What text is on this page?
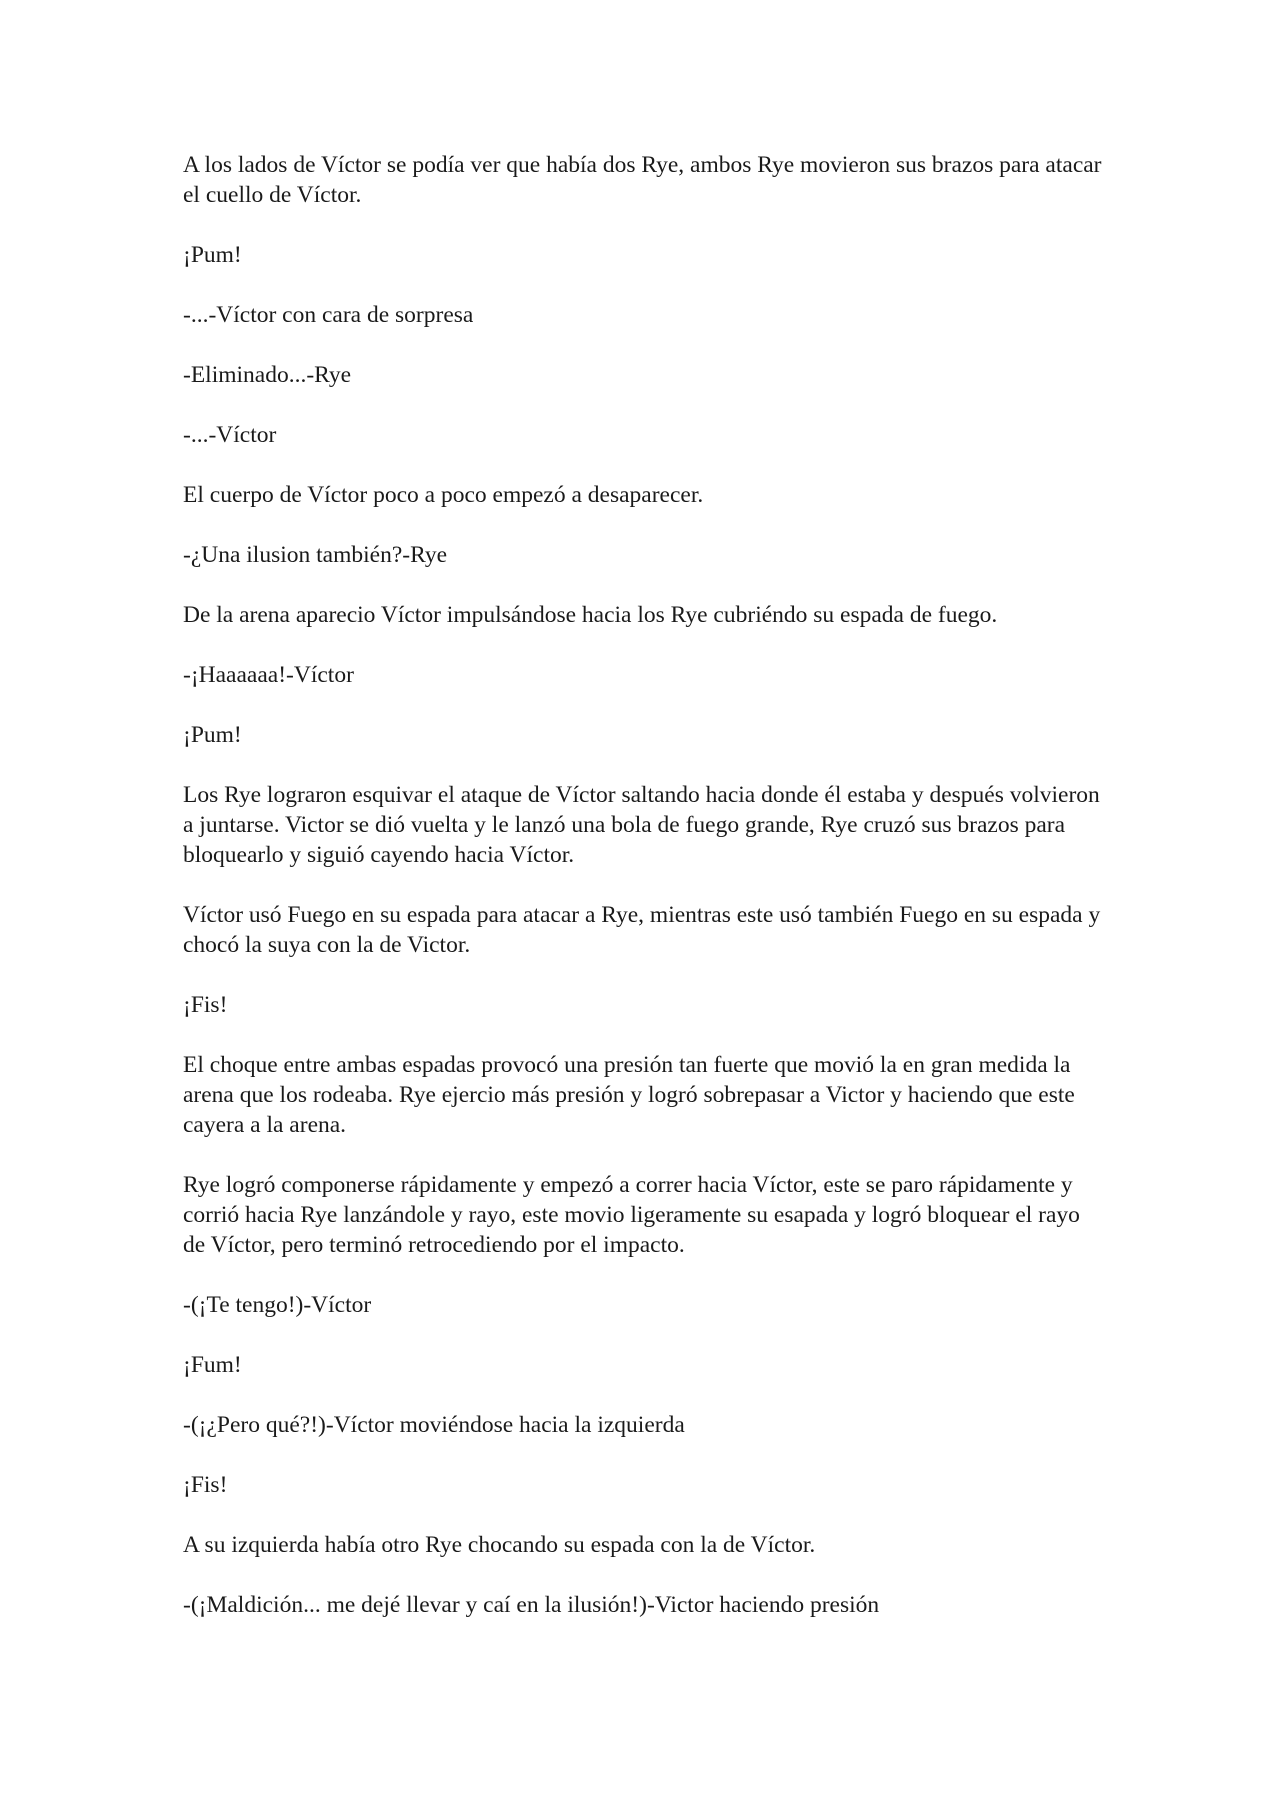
A los lados de Víctor se podía ver que había dos Rye, ambos Rye movieron sus brazos para atacar el cuello de Víctor.

¡Pum!

-...-Víctor con cara de sorpresa

-Eliminado...-Rye

-...-Víctor

El cuerpo de Víctor poco a poco empezó a desaparecer.

-¿Una ilusion también?-Rye

De la arena aparecio Víctor impulsándose hacia los Rye cubriéndo su espada de fuego.

-¡Haaaaaa!-Víctor

¡Pum!

Los Rye lograron esquivar el ataque de Víctor saltando hacia donde él estaba y después volvieron a juntarse. Victor se dió vuelta y le lanzó una bola de fuego grande, Rye cruzó sus brazos para bloquearlo y siguió cayendo hacia Víctor.

Víctor usó Fuego en su espada para atacar a Rye, mientras este usó también Fuego en su espada y chocó la suya con la de Victor.

¡Fis!

El choque entre ambas espadas provocó una presión tan fuerte que movió la en gran medida la arena que los rodeaba. Rye ejercio más presión y logró sobrepasar a Victor y haciendo que este cayera a la arena.

Rye logró componerse rápidamente y empezó a correr hacia Víctor, este se paro rápidamente y corrió hacia Rye lanzándole y rayo, este movio ligeramente su esapada y logró bloquear el rayo de Víctor, pero terminó retrocediendo por el impacto.

-(¡Te tengo!)-Víctor

¡Fum!

-(¡¿Pero qué?!)-Víctor moviéndose hacia la izquierda

¡Fis!

A su izquierda había otro Rye chocando su espada con la de Víctor.

-(¡Maldición... me dejé llevar y caí en la ilusión!)-Victor haciendo presión
